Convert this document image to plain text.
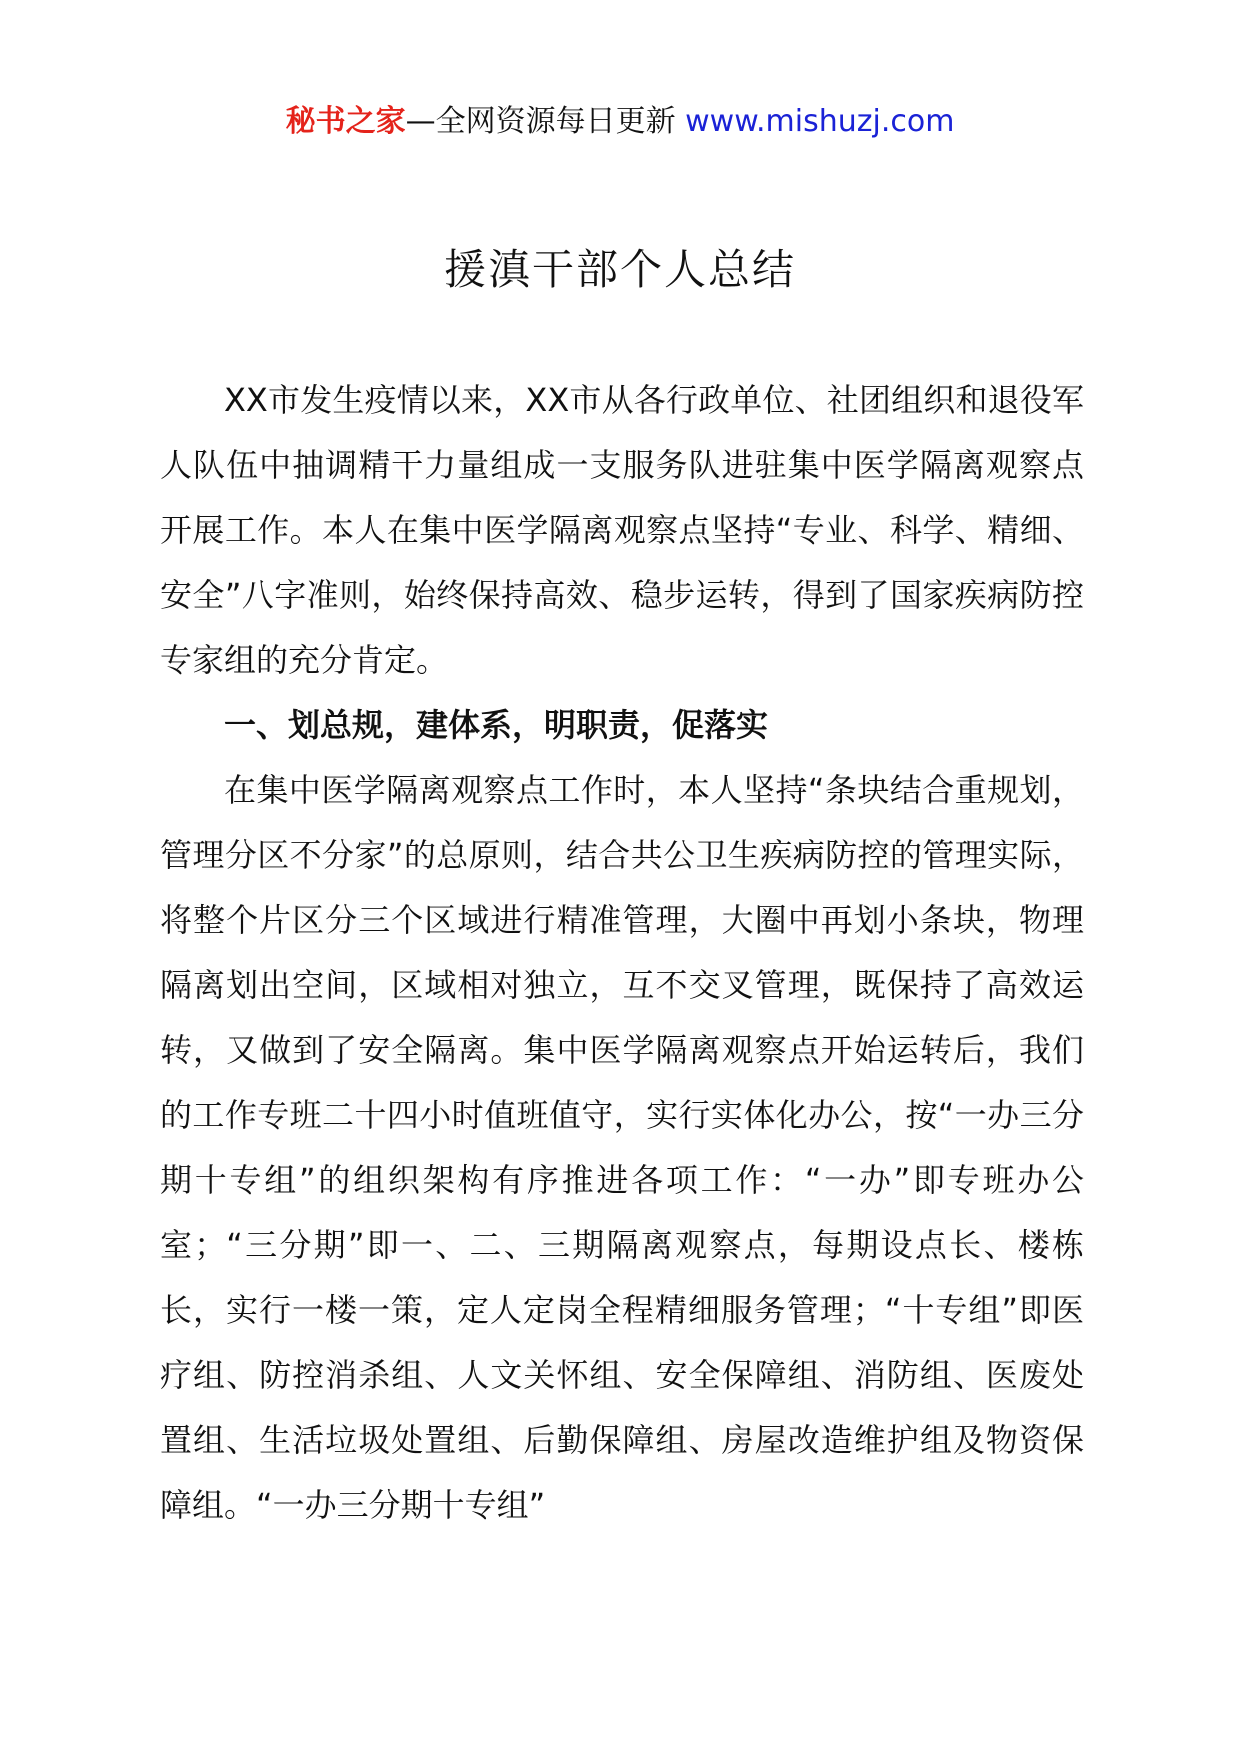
秘书之家—全网资源每日更新 www.mishuzj.com
援滇干部个人总结

XX市发生疫情以来，XX市从各行政单位、社团组织和退役军人队伍中抽调精干力量组成一支服务队进驻集中医学隔离观察点开展工作。本人在集中医学隔离观察点坚持“专业、科学、精细、安全”八字准则，始终保持高效、稳步运转，得到了国家疾病防控专家组的充分肯定。

一、划总规，建体系，明职责，促落实

在集中医学隔离观察点工作时，本人坚持“条块结合重规划，管理分区不分家”的总原则，结合共公卫生疾病防控的管理实际，将整个片区分三个区域进行精准管理，大圈中再划小条块，物理隔离划出空间，区域相对独立，互不交叉管理，既保持了高效运转，又做到了安全隔离。集中医学隔离观察点开始运转后，我们的工作专班二十四小时值班值守，实行实体化办公，按“一办三分期十专组”的组织架构有序推进各项工作：“一办”即专班办公室；“三分期”即一、二、三期隔离观察点，每期设点长、楼栋长，实行一楼一策，定人定岗全程精细服务管理；“十专组”即医疗组、防控消杀组、人文关怀组、安全保障组、消防组、医废处置组、生活垃圾处置组、后勤保障组、房屋改造维护组及物资保障组。“一办三分期十专组”
